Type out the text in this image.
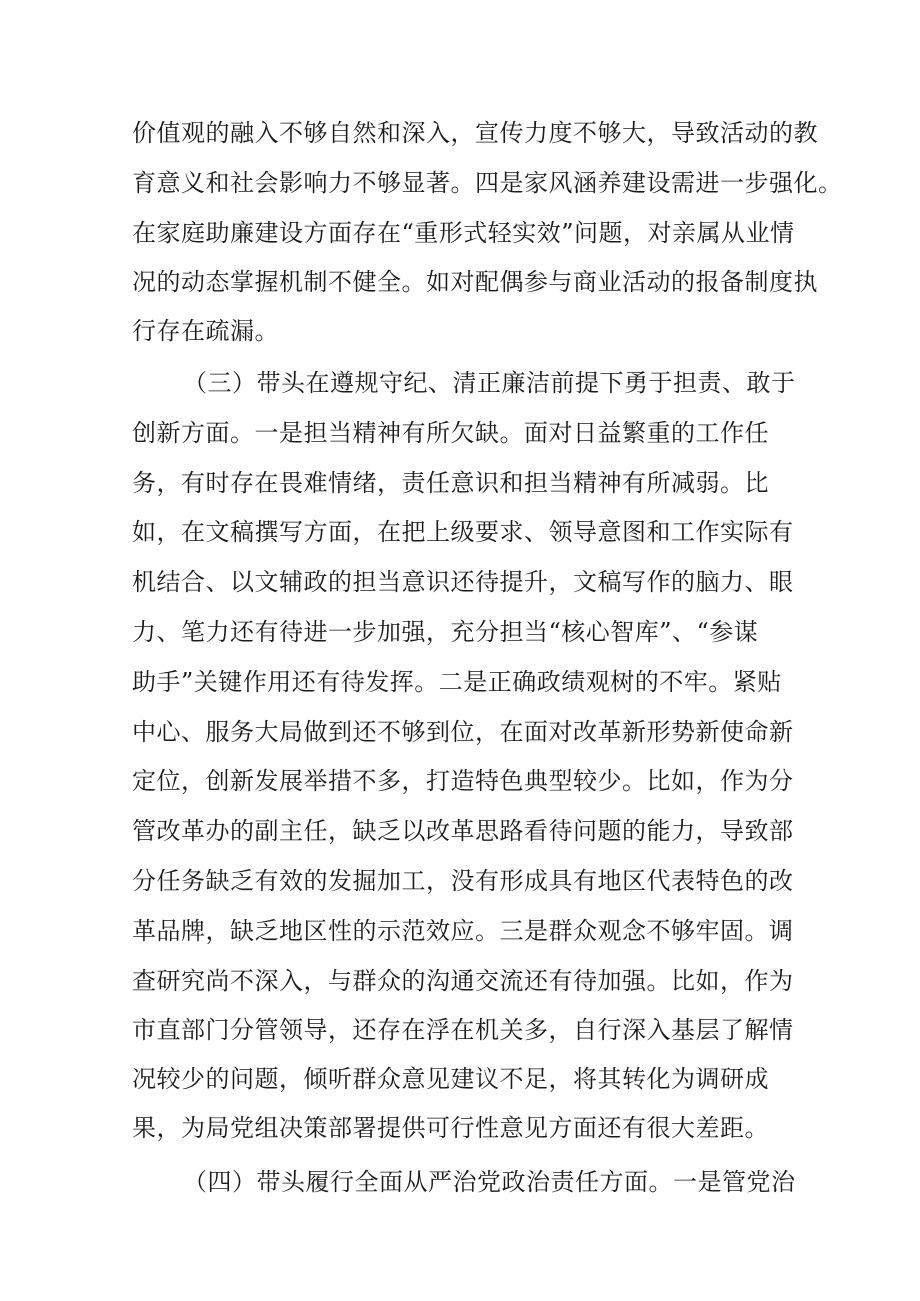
价值观的融入不够自然和深入，宣传力度不够大，导致活动的教
育意义和社会影响力不够显著。四是家风涵养建设需进一步强化。
在家庭助廉建设方面存在“重形式轻实效”问题，对亲属从业情
况的动态掌握机制不健全。如对配偶参与商业活动的报备制度执
行存在疏漏。
（三）带头在遵规守纪、清正廉洁前提下勇于担责、敢于
创新方面。一是担当精神有所欠缺。面对日益繁重的工作任
务，有时存在畏难情绪，责任意识和担当精神有所减弱。比
如，在文稿撰写方面，在把上级要求、领导意图和工作实际有
机结合、以文辅政的担当意识还待提升，文稿写作的脑力、眼
力、笔力还有待进一步加强，充分担当“核心智库”、“参谋
助手”关键作用还有待发挥。二是正确政绩观树的不牢。紧贴
中心、服务大局做到还不够到位，在面对改革新形势新使命新
定位，创新发展举措不多，打造特色典型较少。比如，作为分
管改革办的副主任，缺乏以改革思路看待问题的能力，导致部
分任务缺乏有效的发掘加工，没有形成具有地区代表特色的改
革品牌，缺乏地区性的示范效应。三是群众观念不够牢固。调
查研究尚不深入，与群众的沟通交流还有待加强。比如，作为
市直部门分管领导，还存在浮在机关多，自行深入基层了解情
况较少的问题，倾听群众意见建议不足，将其转化为调研成
果，为局党组决策部署提供可行性意见方面还有很大差距。
（四）带头履行全面从严治党政治责任方面。一是管党治
